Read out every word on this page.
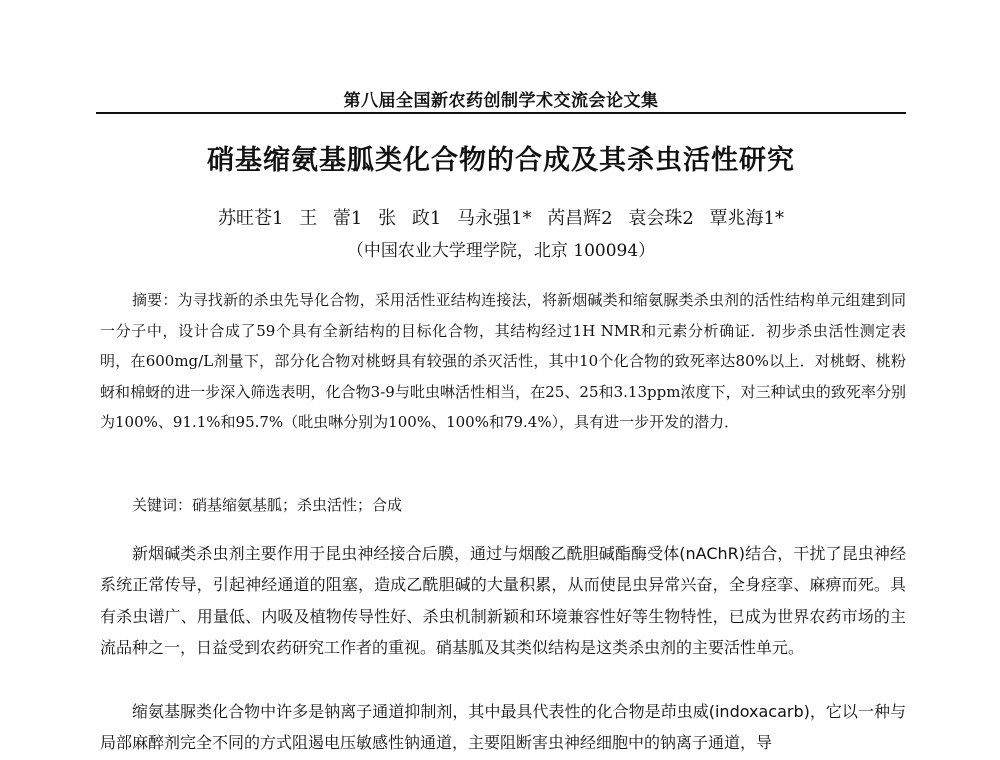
第八届全国新农药创制学术交流会论文集
硝基缩氨基胍类化合物的合成及其杀虫活性研究
苏旺苍1 王 蕾1 张 政1 马永强1* 芮昌辉2 袁会珠2 覃兆海1*
（中国农业大学理学院，北京 100094）

摘要：为寻找新的杀虫先导化合物，采用活性亚结构连接法，将新烟碱类和缩氨脲类杀虫剂的活性结构单元组建到同一分子中，设计合成了59个具有全新结构的目标化合物，其结构经过1H NMR和元素分析确证．初步杀虫活性测定表明，在600mg/L剂量下，部分化合物对桃蚜具有较强的杀灭活性，其中10个化合物的致死率达80%以上．对桃蚜、桃粉蚜和棉蚜的进一步深入筛选表明，化合物3-9与吡虫啉活性相当，在25、25和3.13ppm浓度下，对三种试虫的致死率分别为100%、91.1%和95.7%（吡虫啉分别为100%、100%和79.4%），具有进一步开发的潜力．

关键词：硝基缩氨基胍；杀虫活性；合成

新烟碱类杀虫剂主要作用于昆虫神经接合后膜，通过与烟酸乙酰胆碱酯酶受体(nAChR)结合，干扰了昆虫神经系统正常传导，引起神经通道的阻塞，造成乙酰胆碱的大量积累，从而使昆虫异常兴奋，全身痉挛、麻痹而死。具有杀虫谱广、用量低、内吸及植物传导性好、杀虫机制新颖和环境兼容性好等生物特性，已成为世界农药市场的主流品种之一，日益受到农药研究工作者的重视。硝基胍及其类似结构是这类杀虫剂的主要活性单元。

缩氨基脲类化合物中许多是钠离子通道抑制剂，其中最具代表性的化合物是茚虫威(indoxacarb)，它以一种与局部麻醉剂完全不同的方式阻遏电压敏感性钠通道，主要阻断害虫神经细胞中的钠离子通道，导
